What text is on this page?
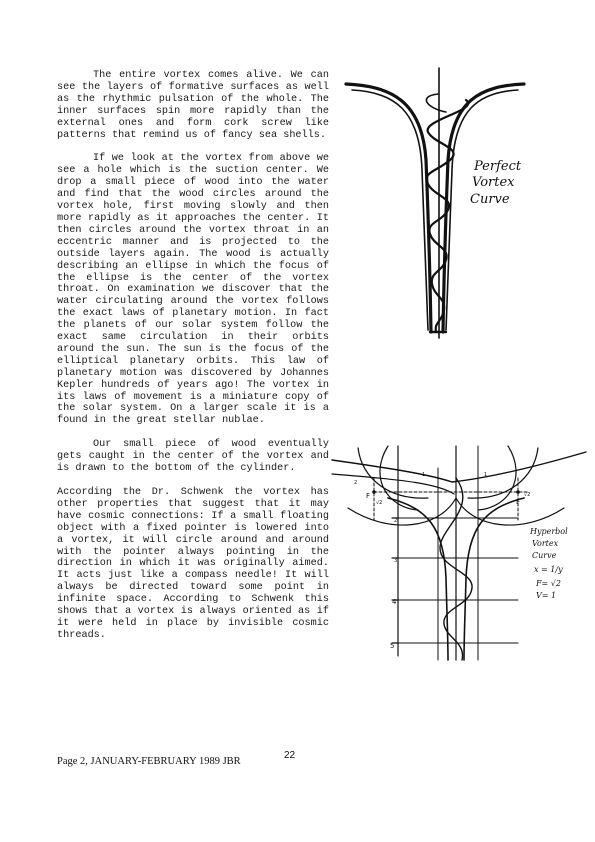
The entire vortex comes alive. We can see the layers of formative surfaces as well as the rhythmic pulsation of the whole. The inner surfaces spin more rapidly than the external ones and form cork screw like patterns that remind us of fancy sea shells.

If we look at the vortex from above we see a hole which is the suction center. We drop a small piece of wood into the water and find that the wood circles around the vortex hole, first moving slowly and then more rapidly as it approaches the center. It then circles around the vortex throat in an eccentric manner and is projected to the outside layers again. The wood is actually describing an ellipse in which the focus of the ellipse is the center of the vortex throat. On examination we discover that the water circulating around the vortex follows the exact laws of planetary motion. In fact the planets of our solar system follow the exact same circulation in their orbits around the sun. The sun is the focus of the elliptical planetary orbits. This law of planetary motion was discovered by Johannes Kepler hundreds of years ago! The vortex in its laws of movement is a miniature copy of the solar system. On a larger scale it is a found in the great stellar nublae.

Our small piece of wood eventually gets caught in the center of the vortex and is drawn to the bottom of the cylinder.

According the Dr. Schwenk the vortex has other properties that suggest that it may have cosmic connections: If a small floating object with a fixed pointer is lowered into a vortex, it will circle around and around with the pointer always pointing in the direction in which it was originally aimed. It acts just like a compass needle! It will always be directed toward some point in infinite space. According to Schwenk this shows that a vortex is always oriented as if it were held in place by invisible cosmic threads.

Perfect
Vortex
Curve
F
F
√2
√2
1	1
2
2
3
4
5
Hyperbol
Vortex
Curve
x = 1/y
F= √2
V= 1
Page 2, JANUARY-FEBRUARY 1989 JBR
22
